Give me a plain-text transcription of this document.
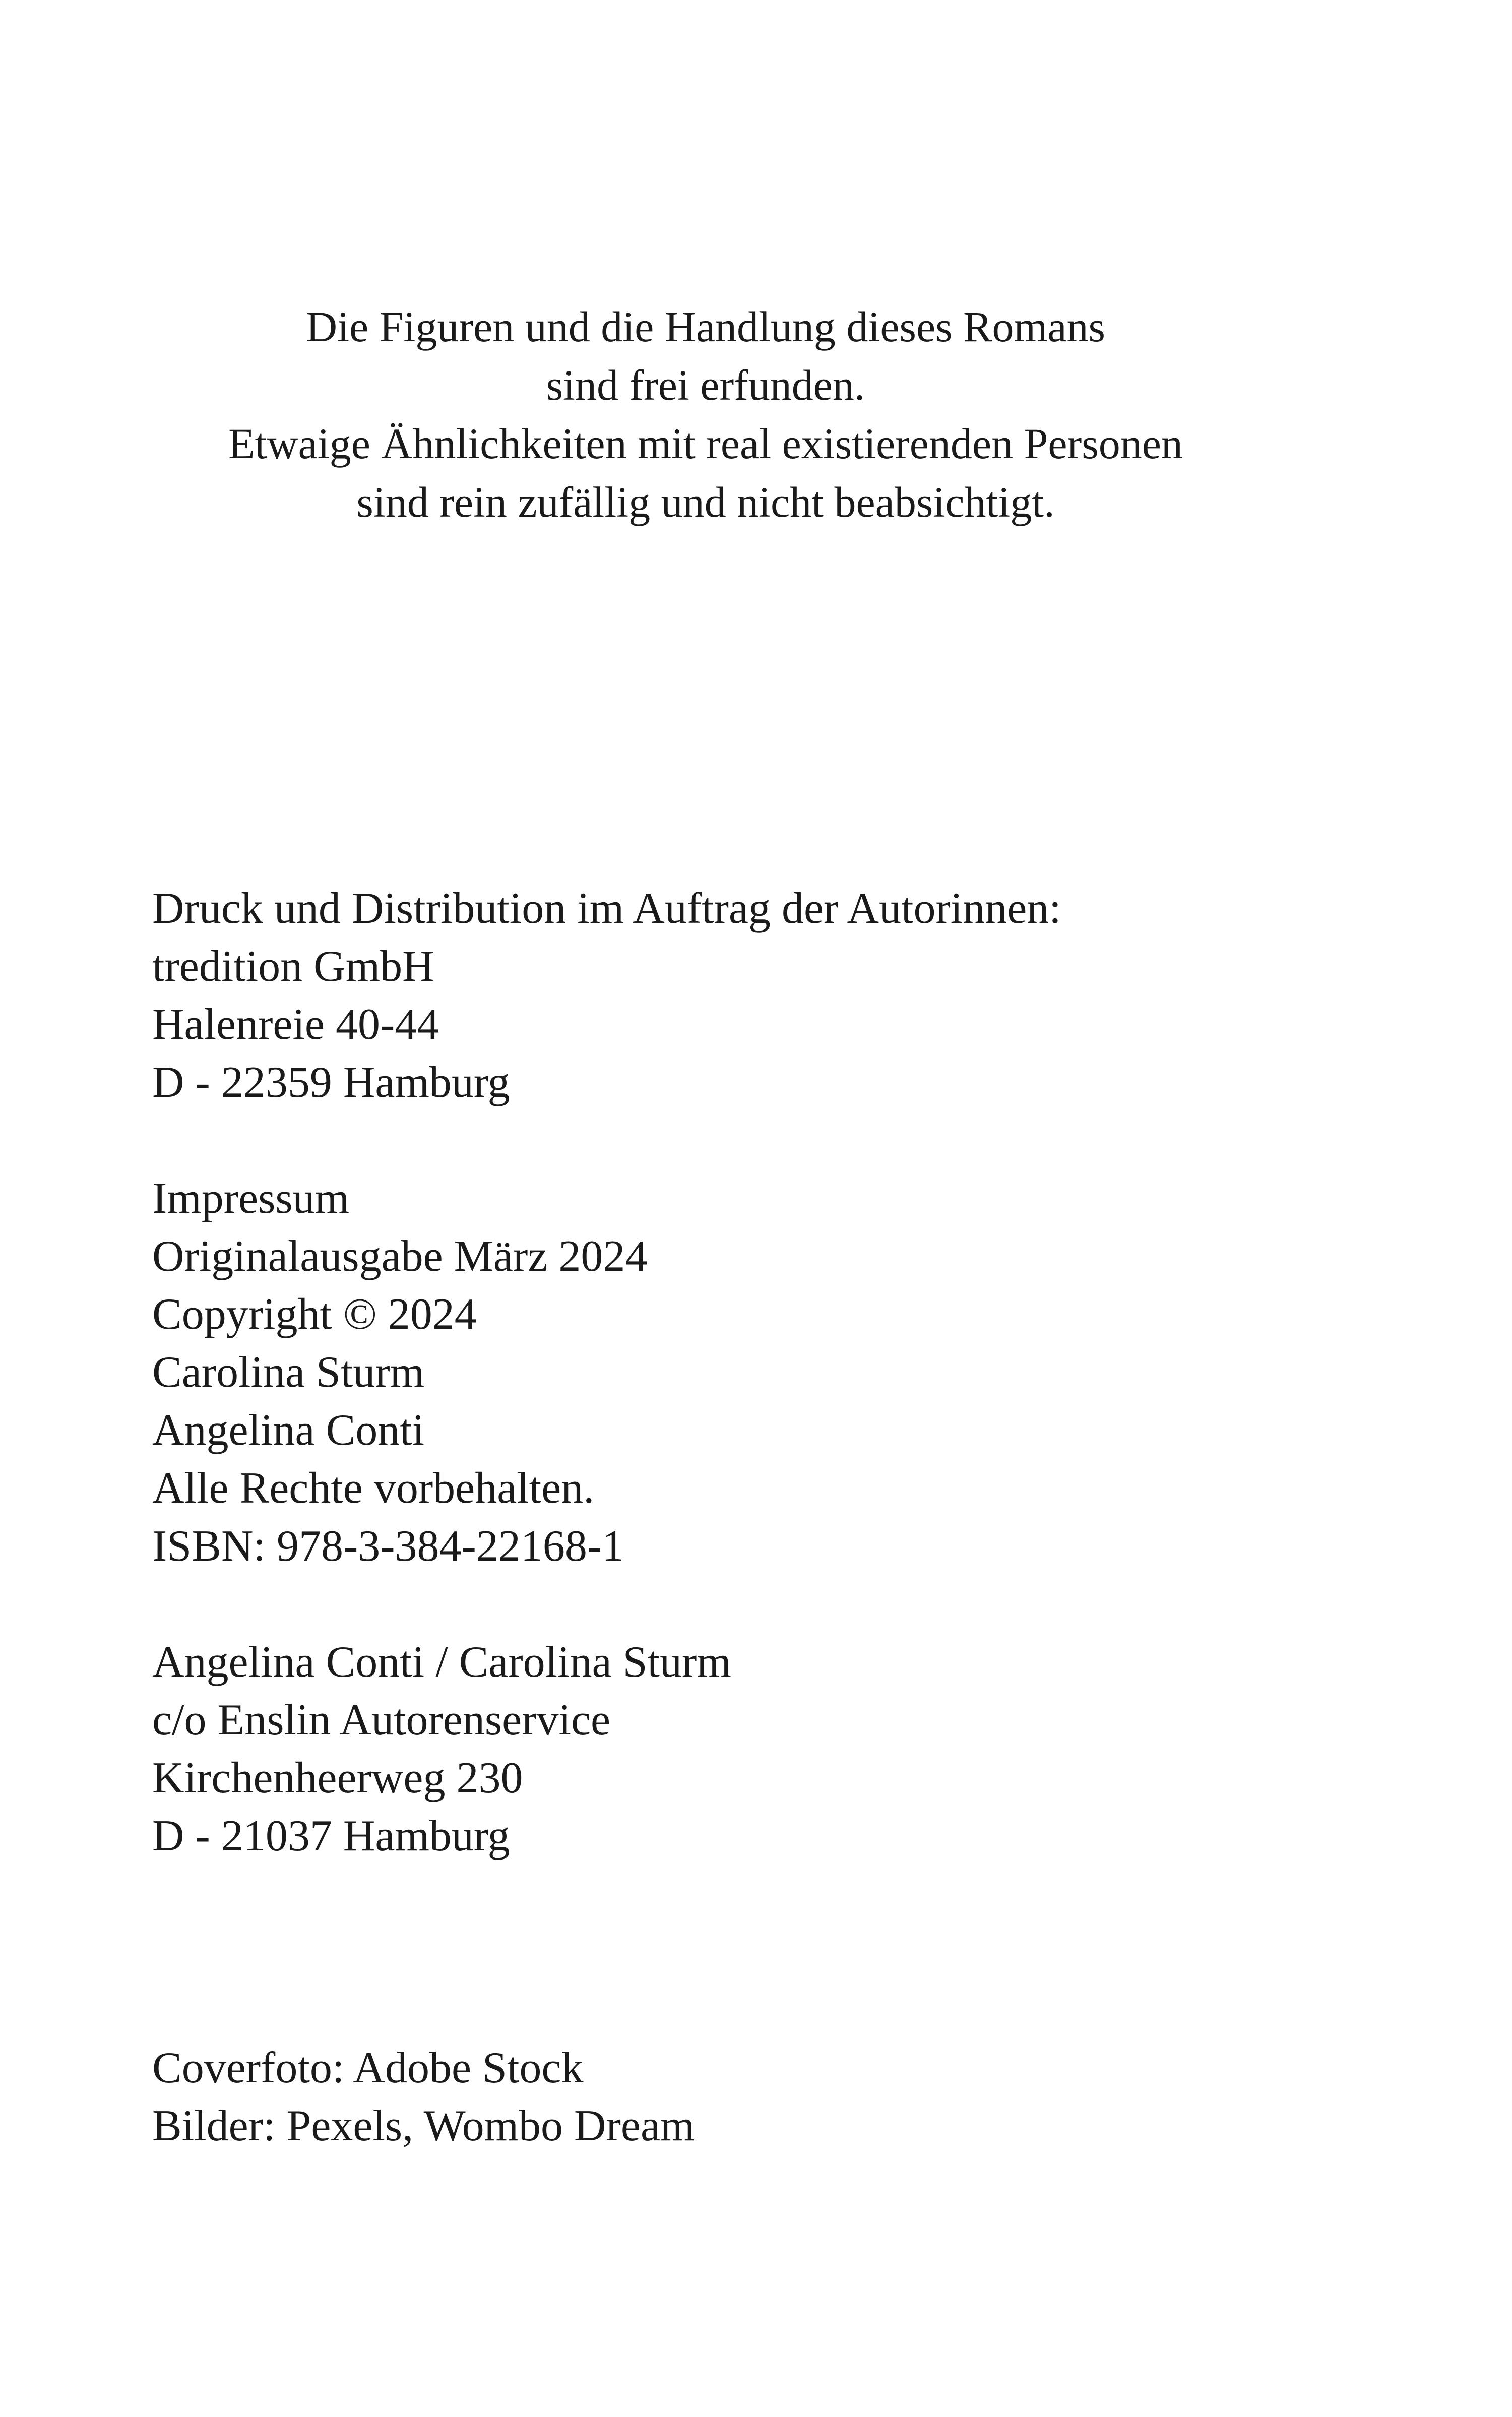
Die Figuren und die Handlung dieses Romans
sind frei erfunden.
Etwaige Ähnlichkeiten mit real existierenden Personen
sind rein zufällig und nicht beabsichtigt.
Druck und Distribution im Auftrag der Autorinnen:
tredition GmbH
Halenreie 40-44
D - 22359 Hamburg
Impressum
Originalausgabe März 2024
Copyright © 2024
Carolina Sturm
Angelina Conti
Alle Rechte vorbehalten.
ISBN: 978-3-384-22168-1
Angelina Conti / Carolina Sturm
c/o Enslin Autorenservice
Kirchenheerweg 230
D - 21037 Hamburg
Coverfoto: Adobe Stock
Bilder: Pexels, Wombo Dream
